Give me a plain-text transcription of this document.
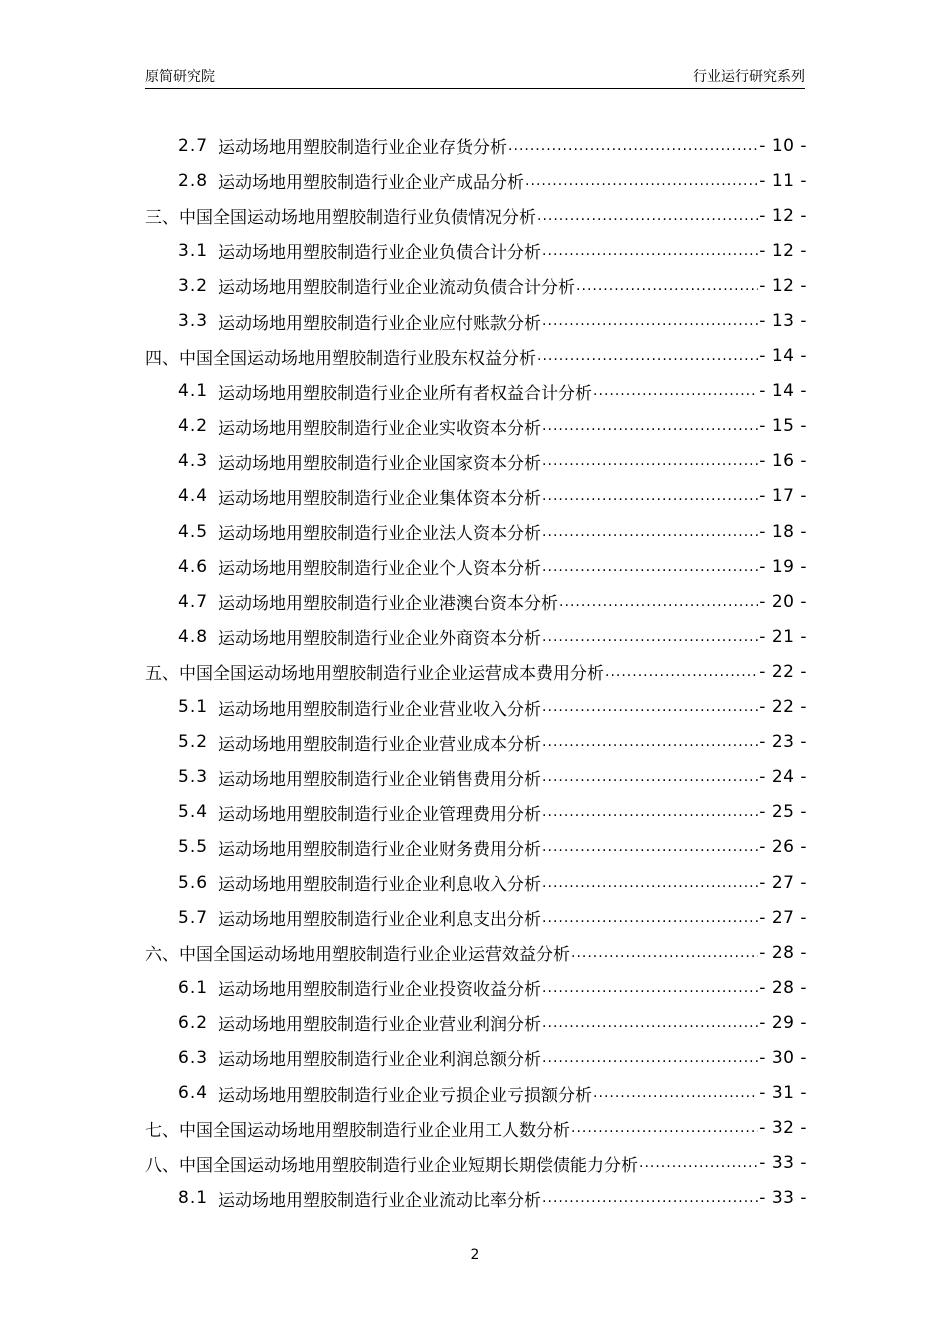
原简研究院	行业运行研究系列
2.7 运动场地用塑胶制造行业企业存货分析 .....	- 10 -
2.8 运动场地用塑胶制造行业企业产成品分析 .....	- 11 -
三、中国全国运动场地用塑胶制造行业负债情况分析 .....	- 12 -
3.1 运动场地用塑胶制造行业企业负债合计分析 .....	- 12 -
3.2 运动场地用塑胶制造行业企业流动负债合计分析 .....	- 12 -
3.3 运动场地用塑胶制造行业企业应付账款分析 .....	- 13 -
四、中国全国运动场地用塑胶制造行业股东权益分析 .....	- 14 -
4.1 运动场地用塑胶制造行业企业所有者权益合计分析 .....	- 14 -
4.2 运动场地用塑胶制造行业企业实收资本分析 .....	- 15 -
4.3 运动场地用塑胶制造行业企业国家资本分析 .....	- 16 -
4.4 运动场地用塑胶制造行业企业集体资本分析 .....	- 17 -
4.5 运动场地用塑胶制造行业企业法人资本分析 .....	- 18 -
4.6 运动场地用塑胶制造行业企业个人资本分析 .....	- 19 -
4.7 运动场地用塑胶制造行业企业港澳台资本分析 .....	- 20 -
4.8 运动场地用塑胶制造行业企业外商资本分析 .....	- 21 -
五、中国全国运动场地用塑胶制造行业企业运营成本费用分析 .....	- 22 -
5.1 运动场地用塑胶制造行业企业营业收入分析 .....	- 22 -
5.2 运动场地用塑胶制造行业企业营业成本分析 .....	- 23 -
5.3 运动场地用塑胶制造行业企业销售费用分析 .....	- 24 -
5.4 运动场地用塑胶制造行业企业管理费用分析 .....	- 25 -
5.5 运动场地用塑胶制造行业企业财务费用分析 .....	- 26 -
5.6 运动场地用塑胶制造行业企业利息收入分析 .....	- 27 -
5.7 运动场地用塑胶制造行业企业利息支出分析 .....	- 27 -
六、中国全国运动场地用塑胶制造行业企业运营效益分析 .....	- 28 -
6.1 运动场地用塑胶制造行业企业投资收益分析 .....	- 28 -
6.2 运动场地用塑胶制造行业企业营业利润分析 .....	- 29 -
6.3 运动场地用塑胶制造行业企业利润总额分析 .....	- 30 -
6.4 运动场地用塑胶制造行业企业亏损企业亏损额分析 .....	- 31 -
七、中国全国运动场地用塑胶制造行业企业用工人数分析 .....	- 32 -
八、中国全国运动场地用塑胶制造行业企业短期长期偿债能力分析 .....	- 33 -
8.1 运动场地用塑胶制造行业企业流动比率分析 .....	- 33 -
2
